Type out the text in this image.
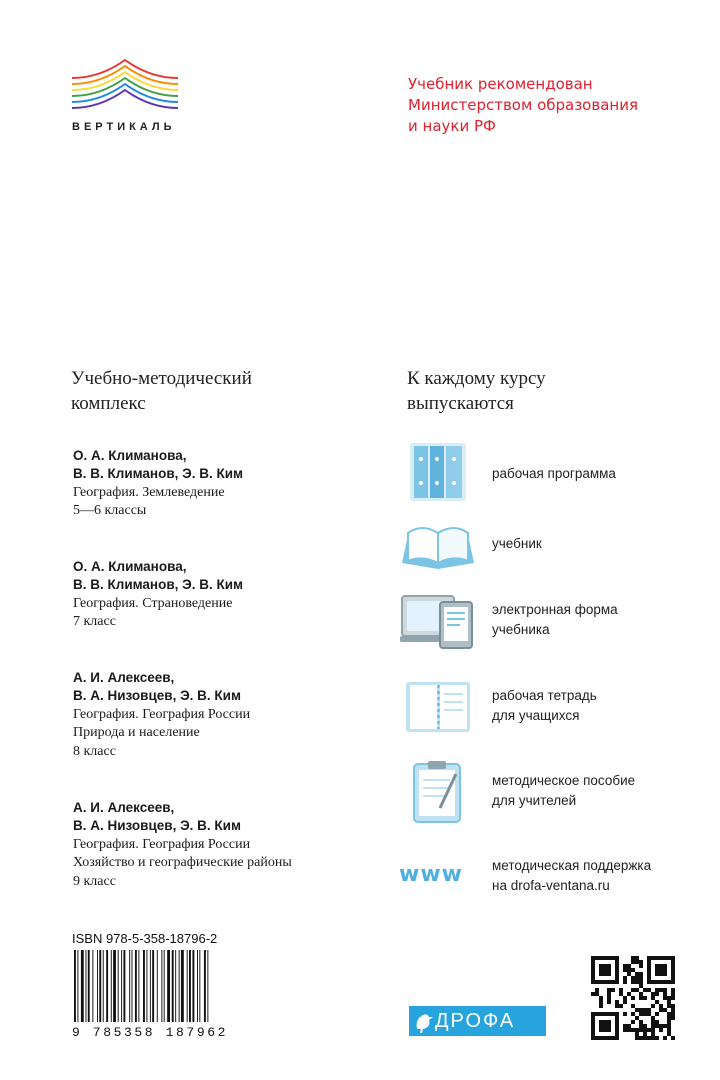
ВЕРТИКАЛЬ
Учебник рекомендован
Министерством образования
и науки РФ
Учебно-методический
комплекс
О. А. Климанова,
В. В. Климанов, Э. В. Ким
География. Землеведение
5—6 классы
О. А. Климанова,
В. В. Климанов, Э. В. Ким
География. Страноведение
7 класс
А. И. Алексеев,
В. А. Низовцев, Э. В. Ким
География. География России
Природа и население
8 класс
А. И. Алексеев,
В. А. Низовцев, Э. В. Ким
География. География России
Хозяйство и географические районы
9 класс
К каждому курсу
выпускаются
рабочая программа
учебник
электронная форма
учебника
рабочая тетрадь
для учащихся
методическое пособие
для учителей
www методическая поддержка
на drofa-ventana.ru
ISBN 978-5-358-18796-2
9 785358 187962
ДРОФА
